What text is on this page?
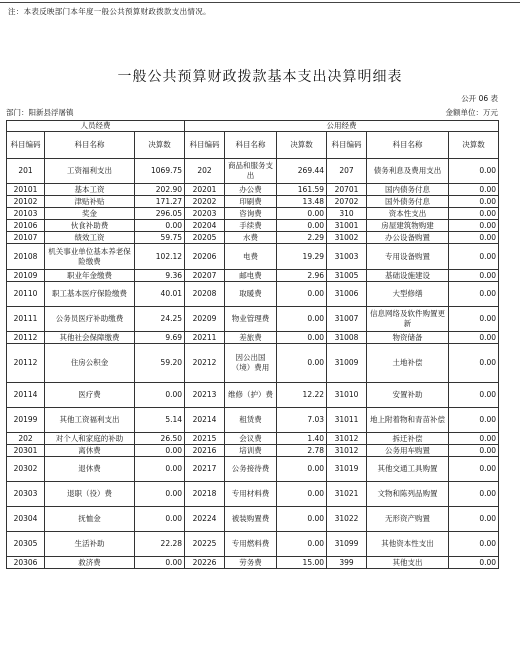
注：本表反映部门本年度一般公共预算财政拨款支出情况。
一般公共预算财政拨款基本支出决算明细表
公开 06 表
部门：阳新县浮屠镇	金额单位：万元
人员经费			公用经费					
科目编码	科目名称	决算数	科目编码	科目名称	决算数	科目编码	科目名称	决算数
201	工资福利支出	1069.75	202	商品和服务支出	269.44	207	债务利息及费用支出	0.00
20101	基本工资	202.90	20201	办公费	161.59	20701	国内债务付息	0.00
20102	津贴补贴	171.27	20202	印刷费	13.48	20702	国外债务付息	0.00
20103	奖金	296.05	20203	咨询费	0.00	310	资本性支出	0.00
20106	伙食补助费	0.00	20204	手续费	0.00	31001	房屋建筑物购建	0.00
20107	绩效工资	59.75	20205	水费	2.29	31002	办公设备购置	0.00
20108	机关事业单位基本养老保险缴费	102.12	20206	电费	19.29	31003	专用设备购置	0.00
20109	职业年金缴费	9.36	20207	邮电费	2.96	31005	基础设施建设	0.00
20110	职工基本医疗保险缴费	40.01	20208	取暖费	0.00	31006	大型修缮	0.00
20111	公务员医疗补助缴费	24.25	20209	物业管理费	0.00	31007	信息网络及软件购置更新	0.00
20112	其他社会保障缴费	9.69	20211	差旅费	0.00	31008	物资储备	0.00
20112	住房公积金	59.20	20212	因公出国（境）费用	0.00	31009	土地补偿	0.00
20114	医疗费	0.00	20213	维修（护）费	12.22	31010	安置补助	0.00
20199	其他工资福利支出	5.14	20214	租赁费	7.03	31011	地上附着物和青苗补偿	0.00
202	对个人和家庭的补助	26.50	20215	会议费	1.40	31012	拆迁补偿	0.00
20301	离休费	0.00	20216	培训费	2.78	31012	公务用车购置	0.00
20302	退休费	0.00	20217	公务接待费	0.00	31019	其他交通工具购置	0.00
20303	退职（役）费	0.00	20218	专用材料费	0.00	31021	文物和陈列品购置	0.00
20304	抚恤金	0.00	20224	被装购置费	0.00	31022	无形资产购置	0.00
20305	生活补助	22.28	20225	专用燃料费	0.00	31099	其他资本性支出	0.00
20306	救济费	0.00	20226	劳务费	15.00	399	其他支出	0.00
